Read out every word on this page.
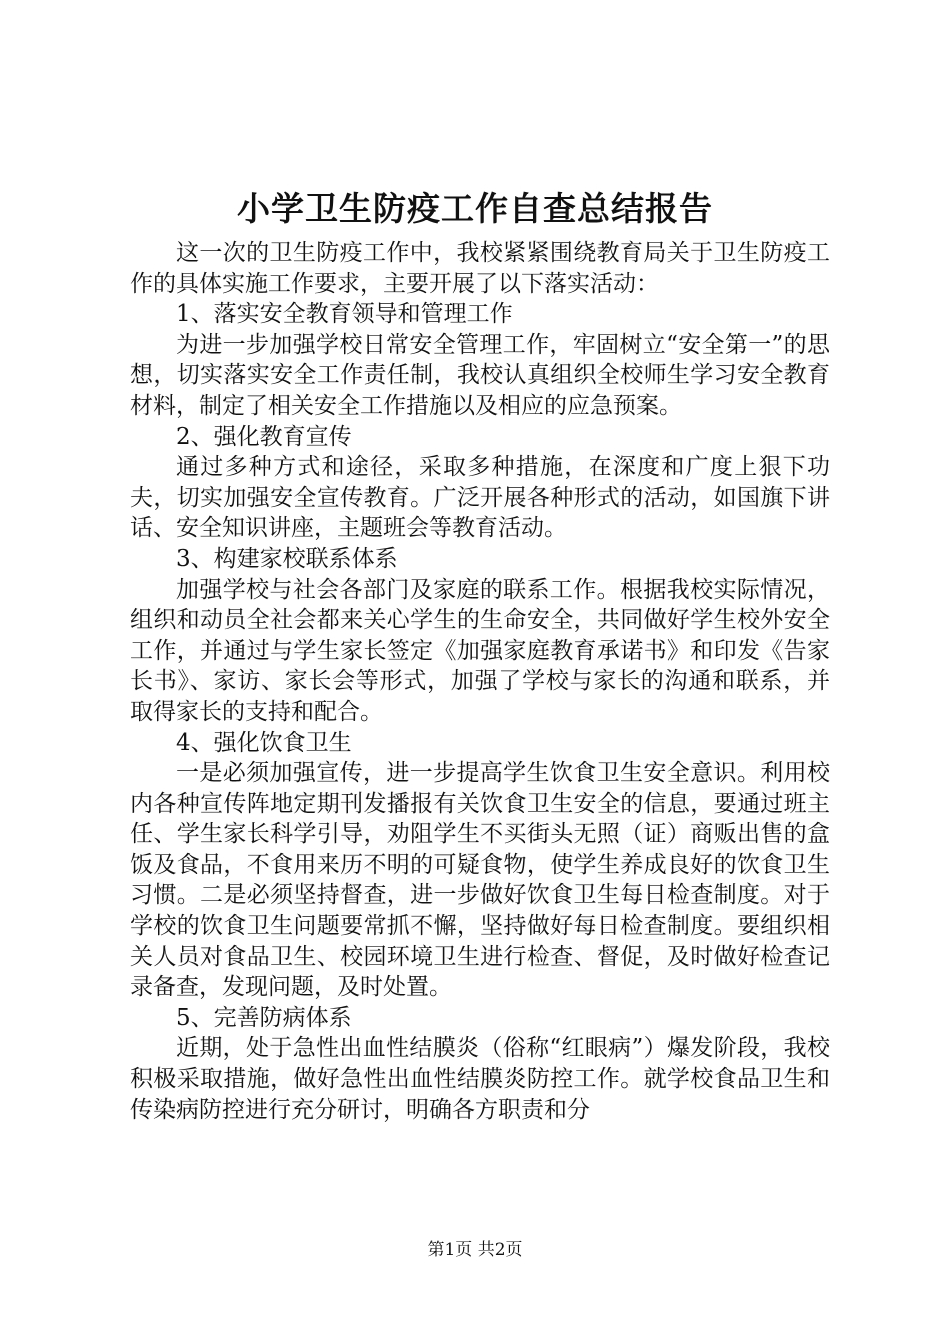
小学卫生防疫工作自查总结报告

这一次的卫生防疫工作中，我校紧紧围绕教育局关于卫生防疫工作的具体实施工作要求，主要开展了以下落实活动：

1、落实安全教育领导和管理工作

为进一步加强学校日常安全管理工作，牢固树立“安全第一”的思想，切实落实安全工作责任制，我校认真组织全校师生学习安全教育材料，制定了相关安全工作措施以及相应的应急预案。

2、强化教育宣传

通过多种方式和途径，采取多种措施，在深度和广度上狠下功夫，切实加强安全宣传教育。广泛开展各种形式的活动，如国旗下讲话、安全知识讲座，主题班会等教育活动。

3、构建家校联系体系

加强学校与社会各部门及家庭的联系工作。根据我校实际情况，组织和动员全社会都来关心学生的生命安全，共同做好学生校外安全工作，并通过与学生家长签定《加强家庭教育承诺书》和印发《告家长书》、家访、家长会等形式，加强了学校与家长的沟通和联系，并取得家长的支持和配合。

4、强化饮食卫生

一是必须加强宣传，进一步提高学生饮食卫生安全意识。利用校内各种宣传阵地定期刊发播报有关饮食卫生安全的信息，要通过班主任、学生家长科学引导，劝阻学生不买街头无照（证）商贩出售的盒饭及食品，不食用来历不明的可疑食物，使学生养成良好的饮食卫生习惯。二是必须坚持督查，进一步做好饮食卫生每日检查制度。对于学校的饮食卫生问题要常抓不懈，坚持做好每日检查制度。要组织相关人员对食品卫生、校园环境卫生进行检查、督促，及时做好检查记录备查，发现问题，及时处置。

5、完善防病体系

近期，处于急性出血性结膜炎（俗称“红眼病”）爆发阶段，我校积极采取措施，做好急性出血性结膜炎防控工作。就学校食品卫生和传染病防控进行充分研讨，明确各方职责和分

第1页 共2页
